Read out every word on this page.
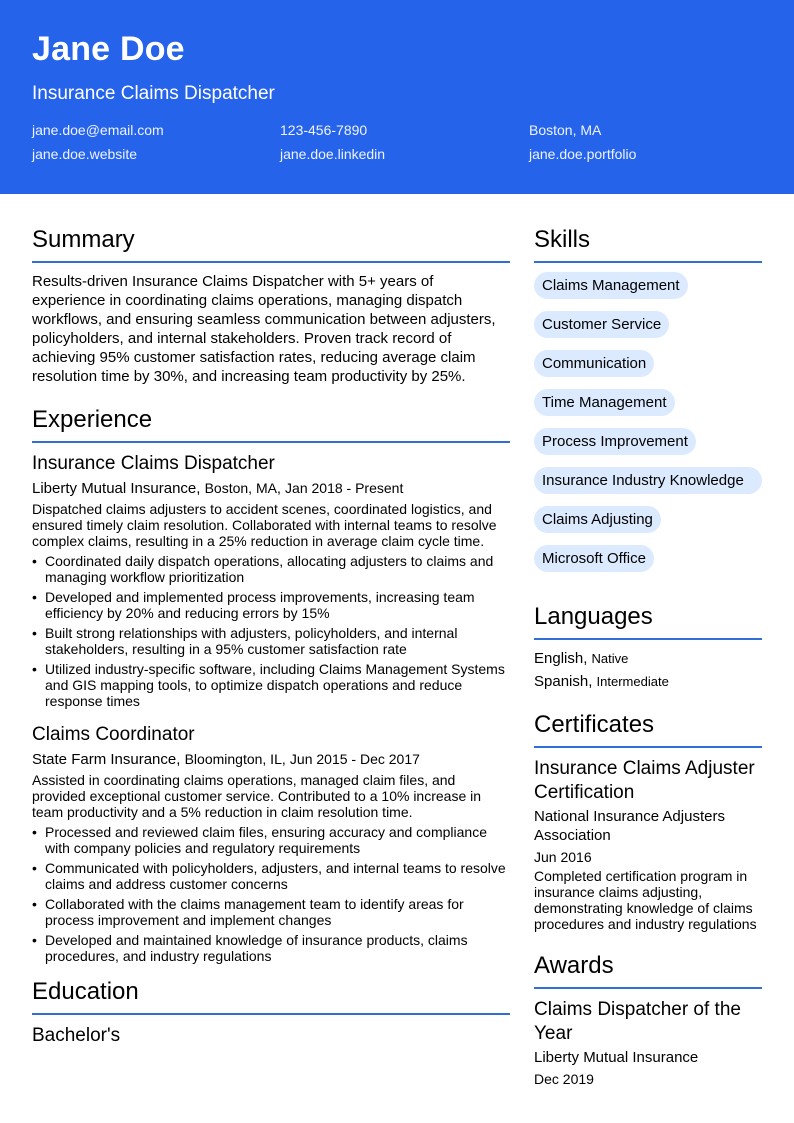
Jane Doe
Insurance Claims Dispatcher
jane.doe@email.com	123-456-7890	Boston, MA
jane.doe.website	jane.doe.linkedin	jane.doe.portfolio
Summary
Results-driven Insurance Claims Dispatcher with 5+ years of experience in coordinating claims operations, managing dispatch workflows, and ensuring seamless communication between adjusters, policyholders, and internal stakeholders. Proven track record of achieving 95% customer satisfaction rates, reducing average claim resolution time by 30%, and increasing team productivity by 25%.
Experience
Insurance Claims Dispatcher
Liberty Mutual Insurance, Boston, MA, Jan 2018 - Present
Dispatched claims adjusters to accident scenes, coordinated logistics, and ensured timely claim resolution. Collaborated with internal teams to resolve complex claims, resulting in a 25% reduction in average claim cycle time.
• Coordinated daily dispatch operations, allocating adjusters to claims and managing workflow prioritization
• Developed and implemented process improvements, increasing team efficiency by 20% and reducing errors by 15%
• Built strong relationships with adjusters, policyholders, and internal stakeholders, resulting in a 95% customer satisfaction rate
• Utilized industry-specific software, including Claims Management Systems and GIS mapping tools, to optimize dispatch operations and reduce response times
Claims Coordinator
State Farm Insurance, Bloomington, IL, Jun 2015 - Dec 2017
Assisted in coordinating claims operations, managed claim files, and provided exceptional customer service. Contributed to a 10% increase in team productivity and a 5% reduction in claim resolution time.
• Processed and reviewed claim files, ensuring accuracy and compliance with company policies and regulatory requirements
• Communicated with policyholders, adjusters, and internal teams to resolve claims and address customer concerns
• Collaborated with the claims management team to identify areas for process improvement and implement changes
• Developed and maintained knowledge of insurance products, claims procedures, and industry regulations
Education
Bachelor's
Skills
Claims Management
Customer Service
Communication
Time Management
Process Improvement
Insurance Industry Knowledge
Claims Adjusting
Microsoft Office
Languages
English, Native
Spanish, Intermediate
Certificates
Insurance Claims Adjuster Certification
National Insurance Adjusters Association
Jun 2016
Completed certification program in insurance claims adjusting, demonstrating knowledge of claims procedures and industry regulations
Awards
Claims Dispatcher of the Year
Liberty Mutual Insurance
Dec 2019
